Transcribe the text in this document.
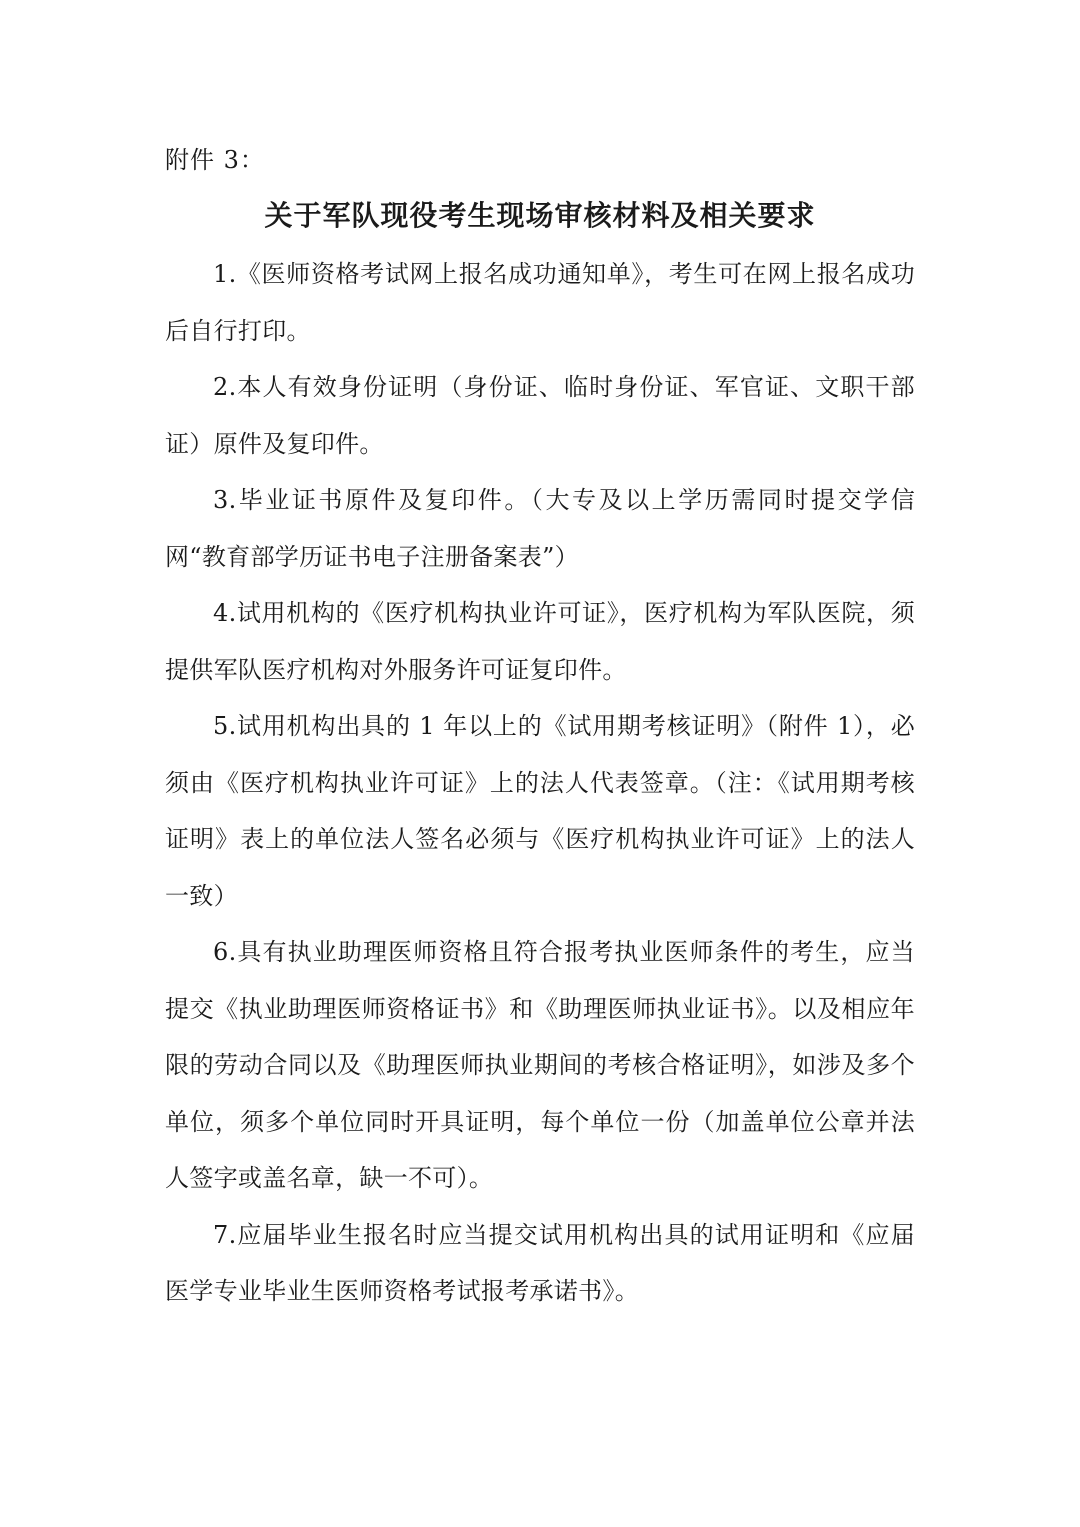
附件 3：
关于军队现役考生现场审核材料及相关要求

1.《医师资格考试网上报名成功通知单》，考生可在网上报名成功后自行打印。

2.本人有效身份证明（身份证、临时身份证、军官证、文职干部证）原件及复印件。

3.毕业证书原件及复印件。（大专及以上学历需同时提交学信网“教育部学历证书电子注册备案表”）

4.试用机构的《医疗机构执业许可证》，医疗机构为军队医院，须提供军队医疗机构对外服务许可证复印件。

5.试用机构出具的 1 年以上的《试用期考核证明》（附件 1），必须由《医疗机构执业许可证》上的法人代表签章。（注：《试用期考核证明》表上的单位法人签名必须与《医疗机构执业许可证》上的法人一致）

6.具有执业助理医师资格且符合报考执业医师条件的考生，应当提交《执业助理医师资格证书》和《助理医师执业证书》。以及相应年限的劳动合同以及《助理医师执业期间的考核合格证明》，如涉及多个单位，须多个单位同时开具证明，每个单位一份（加盖单位公章并法人签字或盖名章，缺一不可）。

7.应届毕业生报名时应当提交试用机构出具的试用证明和《应届医学专业毕业生医师资格考试报考承诺书》。
